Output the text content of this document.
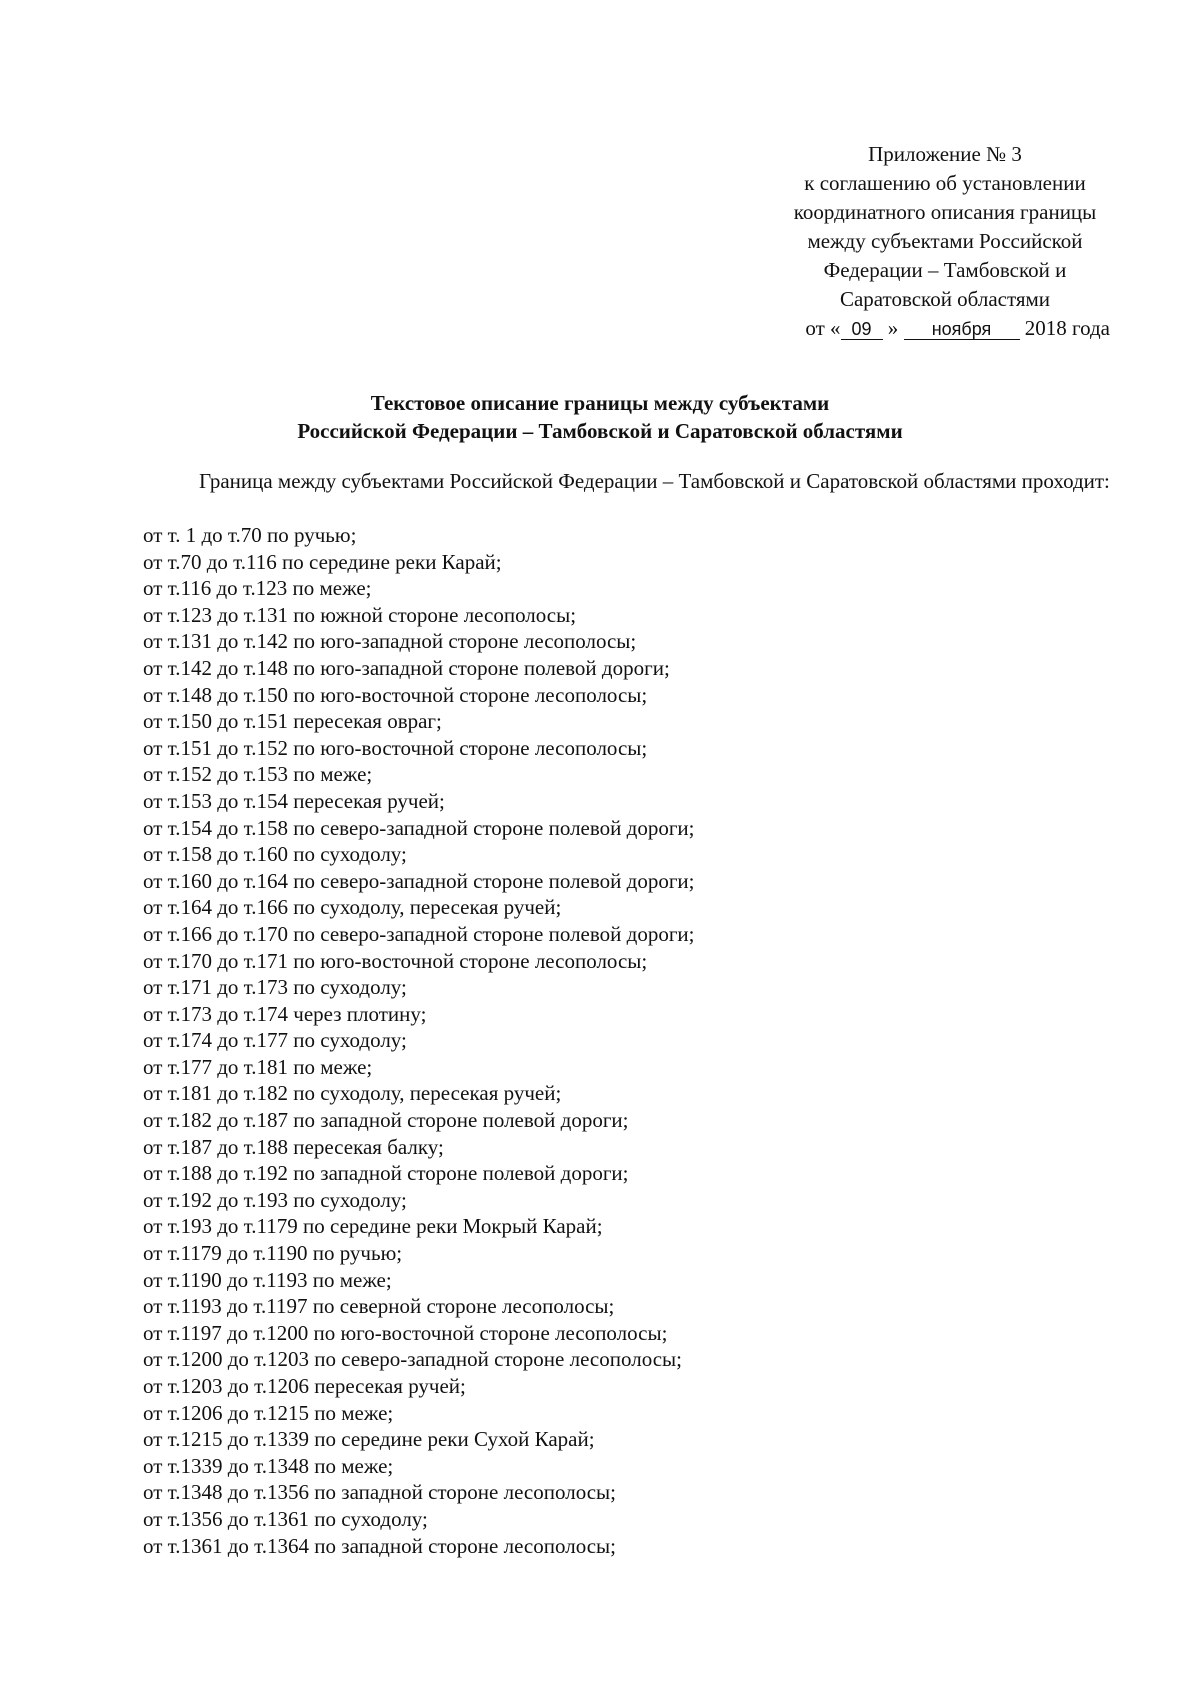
Приложение № 3
к соглашению об установлении
координатного описания границы
между субъектами Российской
Федерации – Тамбовской и
Саратовской областями
от « 09 » ноября 2018 года
Текстовое описание границы между субъектами
Российской Федерации – Тамбовской и Саратовской областями
Граница между субъектами Российской Федерации – Тамбовской и Саратовской областями проходит:
от т. 1 до т.70 по ручью;
от т.70 до т.116 по середине реки Карай;
от т.116 до т.123 по меже;
от т.123 до т.131 по южной стороне лесополосы;
от т.131 до т.142 по юго-западной стороне лесополосы;
от т.142 до т.148 по юго-западной стороне полевой дороги;
от т.148 до т.150 по юго-восточной стороне лесополосы;
от т.150 до т.151 пересекая овраг;
от т.151 до т.152 по юго-восточной стороне лесополосы;
от т.152 до т.153 по меже;
от т.153 до т.154 пересекая ручей;
от т.154 до т.158 по северо-западной стороне полевой дороги;
от т.158 до т.160 по суходолу;
от т.160 до т.164 по северо-западной стороне полевой дороги;
от т.164 до т.166 по суходолу, пересекая ручей;
от т.166 до т.170 по северо-западной стороне полевой дороги;
от т.170 до т.171 по юго-восточной стороне лесополосы;
от т.171 до т.173 по суходолу;
от т.173 до т.174 через плотину;
от т.174 до т.177 по суходолу;
от т.177 до т.181 по меже;
от т.181 до т.182 по суходолу, пересекая ручей;
от т.182 до т.187 по западной стороне полевой дороги;
от т.187 до т.188 пересекая балку;
от т.188 до т.192 по западной стороне полевой дороги;
от т.192 до т.193 по суходолу;
от т.193 до т.1179 по середине реки Мокрый Карай;
от т.1179 до т.1190 по ручью;
от т.1190 до т.1193 по меже;
от т.1193 до т.1197 по северной стороне лесополосы;
от т.1197 до т.1200 по юго-восточной стороне лесополосы;
от т.1200 до т.1203 по северо-западной стороне лесополосы;
от т.1203 до т.1206 пересекая ручей;
от т.1206 до т.1215 по меже;
от т.1215 до т.1339 по середине реки Сухой Карай;
от т.1339 до т.1348 по меже;
от т.1348 до т.1356 по западной стороне лесополосы;
от т.1356 до т.1361 по суходолу;
от т.1361 до т.1364 по западной стороне лесополосы;
